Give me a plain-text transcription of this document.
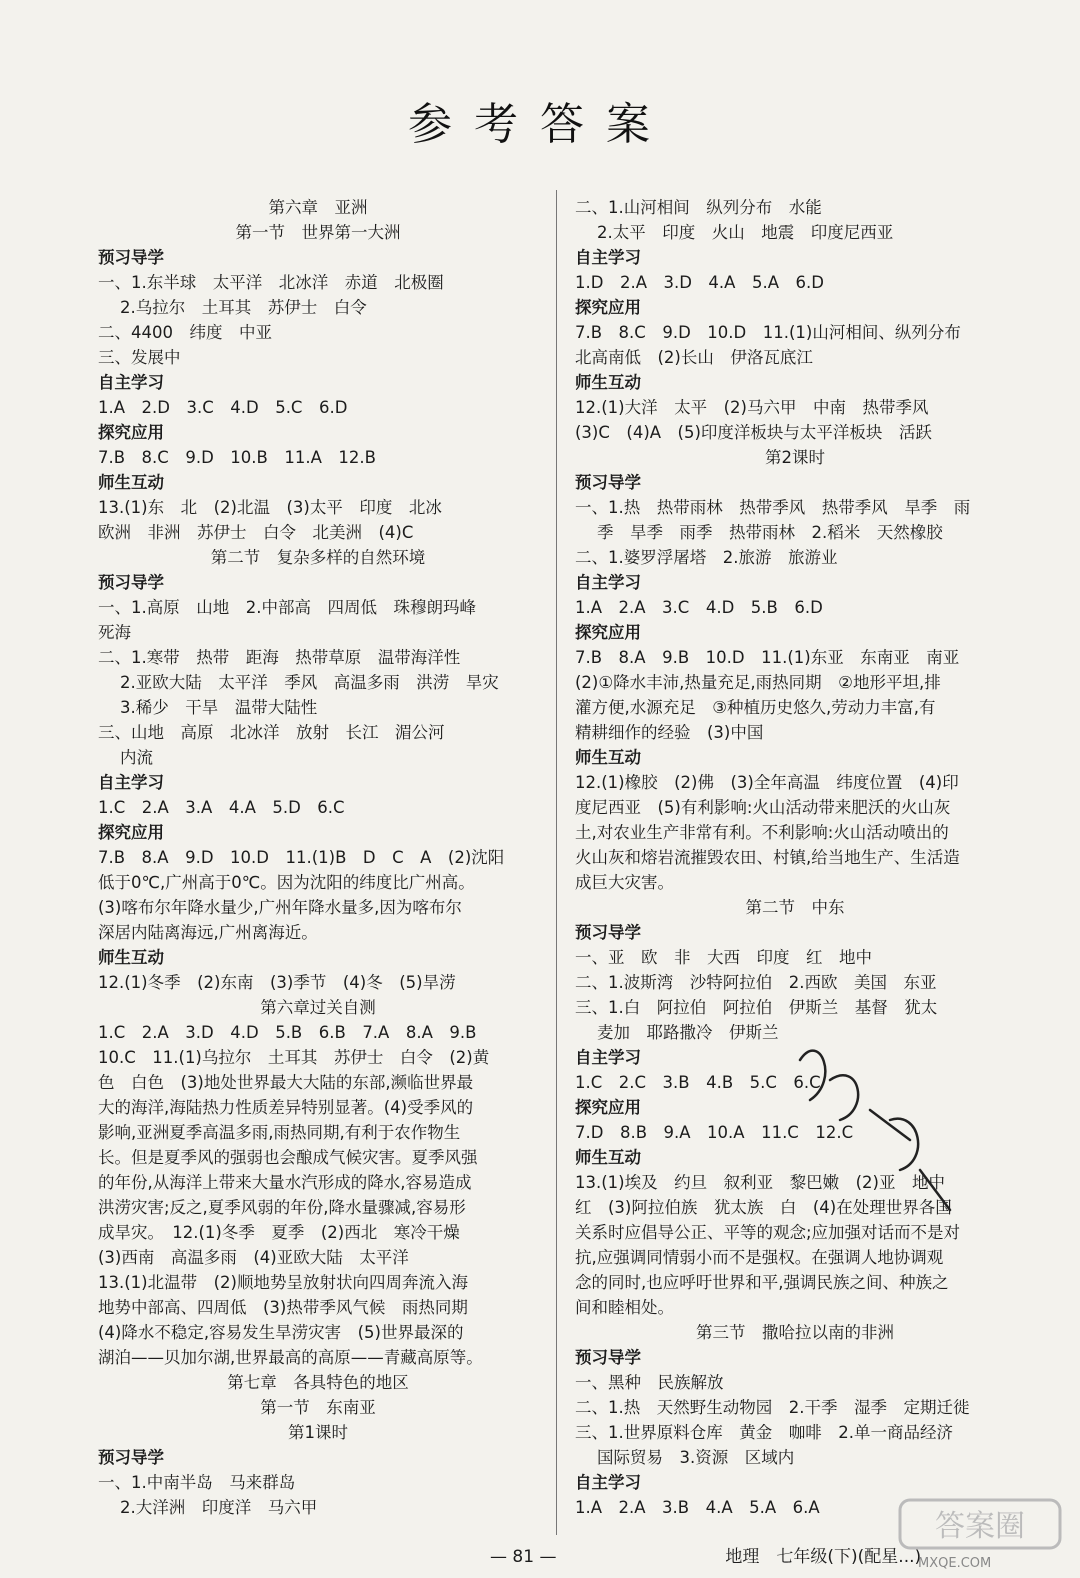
参考答案
第六章　亚洲
第一节　世界第一大洲
预习导学
一、1.东半球　太平洋　北冰洋　赤道　北极圈
2.乌拉尔　土耳其　苏伊士　白令
二、4400　纬度　中亚
三、发展中
自主学习
1.A　2.D　3.C　4.D　5.C　6.D
探究应用
7.B　8.C　9.D　10.B　11.A　12.B
师生互动
13.(1)东　北　(2)北温　(3)太平　印度　北冰
欧洲　非洲　苏伊士　白令　北美洲　(4)C
第二节　复杂多样的自然环境
预习导学
一、1.高原　山地　2.中部高　四周低　珠穆朗玛峰
死海
二、1.寒带　热带　距海　热带草原　温带海洋性
2.亚欧大陆　太平洋　季风　高温多雨　洪涝　旱灾
3.稀少　干旱　温带大陆性
三、山地　高原　北冰洋　放射　长江　湄公河
内流
自主学习
1.C　2.A　3.A　4.A　5.D　6.C
探究应用
7.B　8.A　9.D　10.D　11.(1)B　D　C　A　(2)沈阳
低于0℃,广州高于0℃。因为沈阳的纬度比广州高。
(3)喀布尔年降水量少,广州年降水量多,因为喀布尔
深居内陆离海远,广州离海近。
师生互动
12.(1)冬季　(2)东南　(3)季节　(4)冬　(5)旱涝
第六章过关自测
1.C　2.A　3.D　4.D　5.B　6.B　7.A　8.A　9.B
10.C　11.(1)乌拉尔　土耳其　苏伊士　白令　(2)黄
色　白色　(3)地处世界最大大陆的东部,濒临世界最
大的海洋,海陆热力性质差异特别显著。(4)受季风的
影响,亚洲夏季高温多雨,雨热同期,有利于农作物生
长。但是夏季风的强弱也会酿成气候灾害。夏季风强
的年份,从海洋上带来大量水汽形成的降水,容易造成
洪涝灾害;反之,夏季风弱的年份,降水量骤减,容易形
成旱灾。　12.(1)冬季　夏季　(2)西北　寒冷干燥
(3)西南　高温多雨　(4)亚欧大陆　太平洋
13.(1)北温带　(2)顺地势呈放射状向四周奔流入海
地势中部高、四周低　(3)热带季风气候　雨热同期
(4)降水不稳定,容易发生旱涝灾害　(5)世界最深的
湖泊——贝加尔湖,世界最高的高原——青藏高原等。
第七章　各具特色的地区
第一节　东南亚
第1课时
预习导学
一、1.中南半岛　马来群岛
2.大洋洲　印度洋　马六甲
二、1.山河相间　纵列分布　水能
2.太平　印度　火山　地震　印度尼西亚
自主学习
1.D　2.A　3.D　4.A　5.A　6.D
探究应用
7.B　8.C　9.D　10.D　11.(1)山河相间、纵列分布
北高南低　(2)长山　伊洛瓦底江
师生互动
12.(1)大洋　太平　(2)马六甲　中南　热带季风
(3)C　(4)A　(5)印度洋板块与太平洋板块　活跃
第2课时
预习导学
一、1.热　热带雨林　热带季风　热带季风　旱季　雨
季　旱季　雨季　热带雨林　2.稻米　天然橡胶
二、1.婆罗浮屠塔　2.旅游　旅游业
自主学习
1.A　2.A　3.C　4.D　5.B　6.D
探究应用
7.B　8.A　9.B　10.D　11.(1)东亚　东南亚　南亚
(2)①降水丰沛,热量充足,雨热同期　②地形平坦,排
灌方便,水源充足　③种植历史悠久,劳动力丰富,有
精耕细作的经验　(3)中国
师生互动
12.(1)橡胶　(2)佛　(3)全年高温　纬度位置　(4)印
度尼西亚　(5)有利影响:火山活动带来肥沃的火山灰
土,对农业生产非常有利。不利影响:火山活动喷出的
火山灰和熔岩流摧毁农田、村镇,给当地生产、生活造
成巨大灾害。
第二节　中东
预习导学
一、亚　欧　非　大西　印度　红　地中
二、1.波斯湾　沙特阿拉伯　2.西欧　美国　东亚
三、1.白　阿拉伯　阿拉伯　伊斯兰　基督　犹太
麦加　耶路撒冷　伊斯兰
自主学习
1.C　2.C　3.B　4.B　5.C　6.C
探究应用
7.D　8.B　9.A　10.A　11.C　12.C
师生互动
13.(1)埃及　约旦　叙利亚　黎巴嫩　(2)亚　地中
红　(3)阿拉伯族　犹太族　白　(4)在处理世界各国
关系时应倡导公正、平等的观念;应加强对话而不是对
抗,应强调同情弱小而不是强权。在强调人地协调观
念的同时,也应呼吁世界和平,强调民族之间、种族之
间和睦相处。
第三节　撒哈拉以南的非洲
预习导学
一、黑种　民族解放
二、1.热　天然野生动物园　2.干季　湿季　定期迁徙
三、1.世界原料仓库　黄金　咖啡　2.单一商品经济
国际贸易　3.资源　区域内
自主学习
1.A　2.A　3.B　4.A　5.A　6.A
— 81 —	地理　七年级(下)(配星...)
答案圈
MXQE.COM
